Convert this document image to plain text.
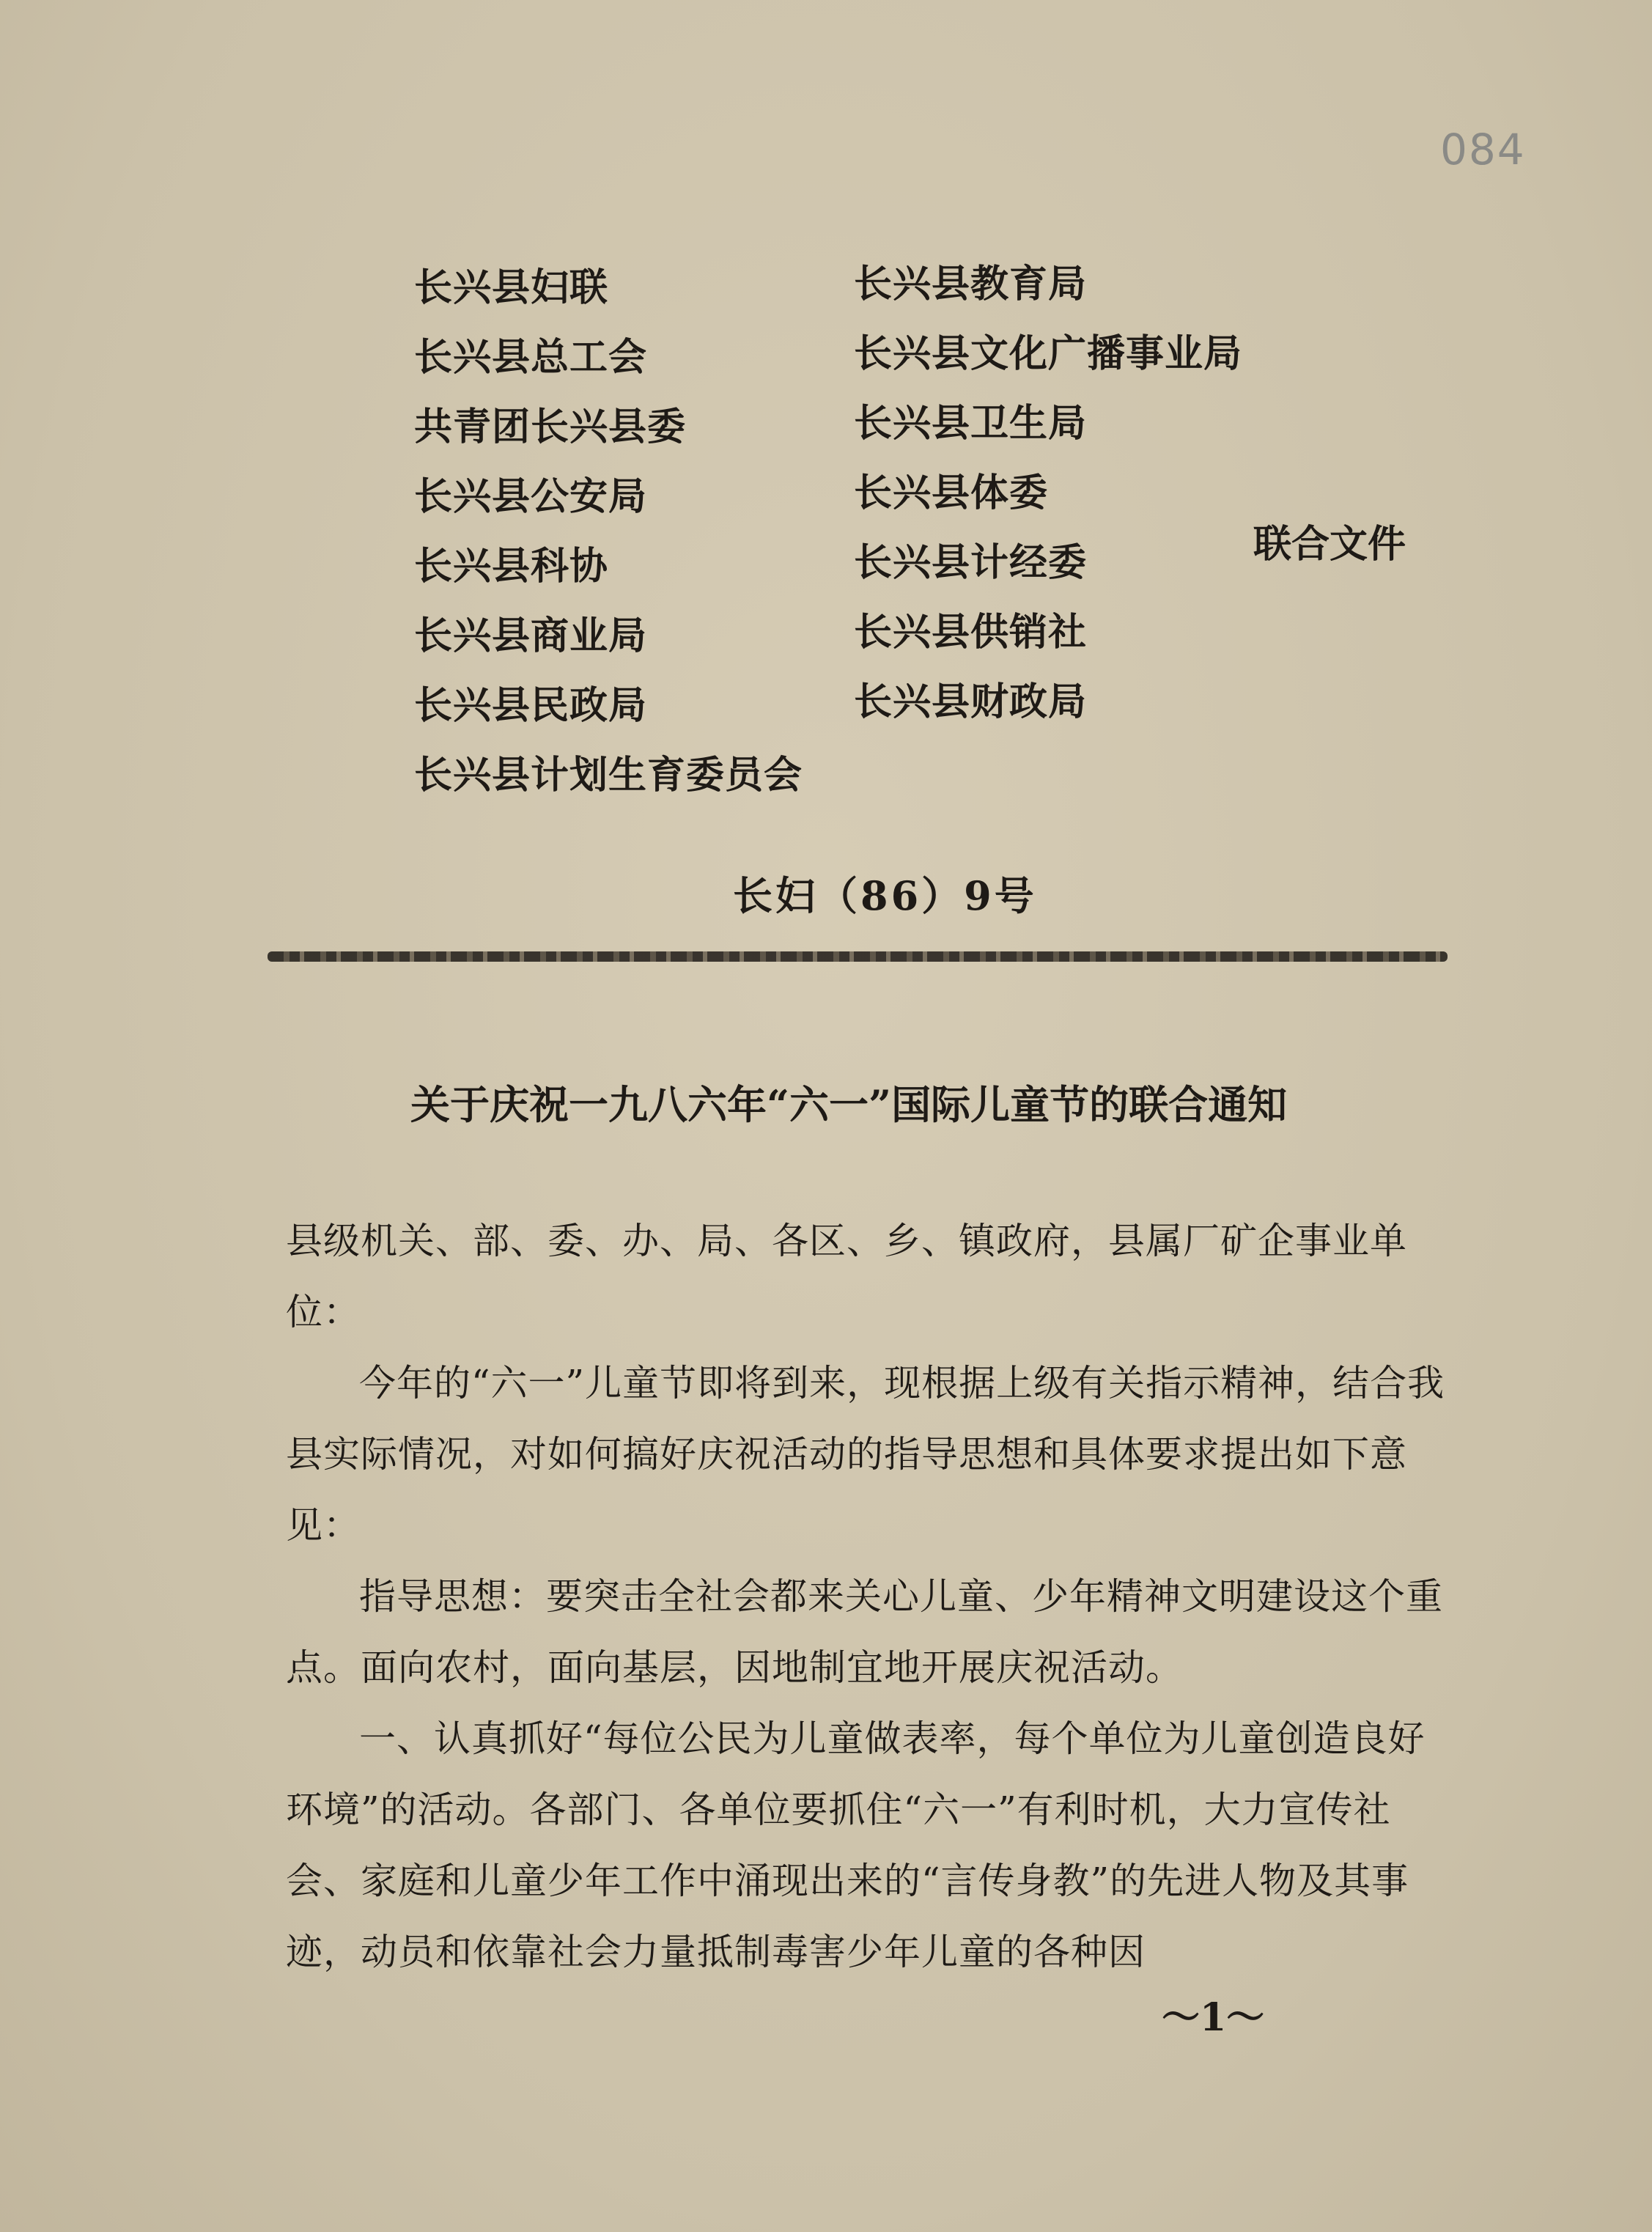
084
长兴县妇联
长兴县总工会
共青团长兴县委
长兴县公安局
长兴县科协
长兴县商业局
长兴县民政局
长兴县计划生育委员会
长兴县教育局
长兴县文化广播事业局
长兴县卫生局
长兴县体委
长兴县计经委
长兴县供销社
长兴县财政局
联合文件
长妇（86）9号
关于庆祝一九八六年“六一”国际儿童节的联合通知

县级机关、部、委、办、局、各区、乡、镇政府，县属厂矿企事业单位：

今年的“六一”儿童节即将到来，现根据上级有关指示精神，结合我县实际情况，对如何搞好庆祝活动的指导思想和具体要求提出如下意见：

指导思想：要突击全社会都来关心儿童、少年精神文明建设这个重点。面向农村，面向基层，因地制宜地开展庆祝活动。

一、认真抓好“每位公民为儿童做表率，每个单位为儿童创造良好环境”的活动。各部门、各单位要抓住“六一”有利时机，大力宣传社会、家庭和儿童少年工作中涌现出来的“言传身教”的先进人物及其事迹，动员和依靠社会力量抵制毒害少年儿童的各种因

～1～
